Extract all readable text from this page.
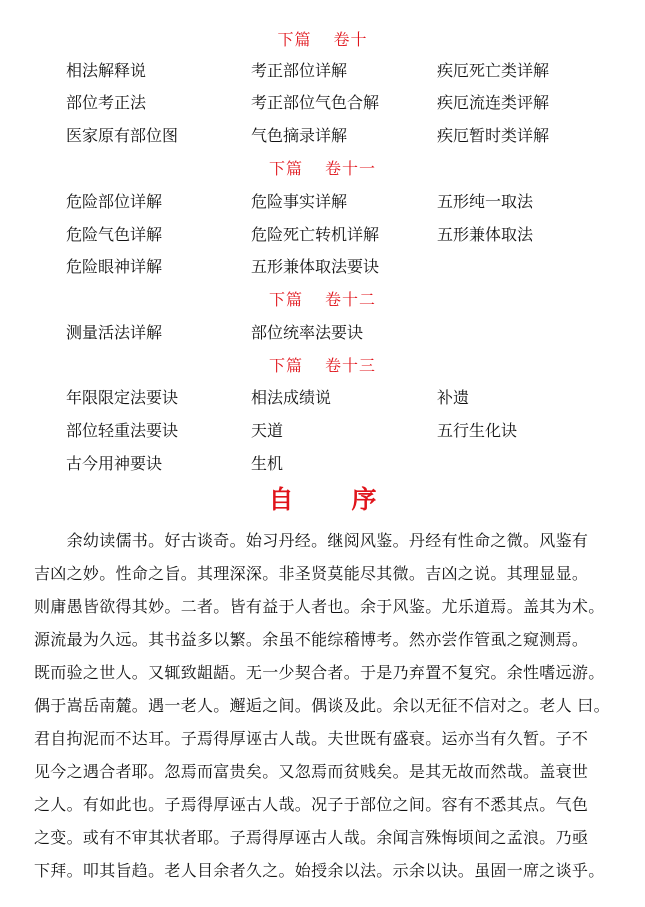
下篇 卷十
相法解释说	考正部位详解	疾厄死亡类详解
部位考正法	考正部位气色合解	疾厄流连类评解
医家原有部位图	气色摘录详解	疾厄暂时类详解
下篇 卷十一
危险部位详解	危险事实详解	五形纯一取法
危险气色详解	危险死亡转机详解	五形兼体取法
危险眼神详解	五形兼体取法要诀
下篇 卷十二
测量活法详解	部位统率法要诀
下篇 卷十三
年限限定法要诀	相法成绩说	补遗
部位轻重法要诀	天道	五行生化诀
古今用神要诀	生机
自 序
　　余幼读儒书。好古谈奇。始习丹经。继阅风鉴。丹经有性命之微。风鉴有
吉凶之妙。性命之旨。其理深深。非圣贤莫能尽其微。吉凶之说。其理显显。
则庸愚皆欲得其妙。二者。皆有益于人者也。余于风鉴。尤乐道焉。盖其为术。
源流最为久远。其书益多以繁。余虽不能综稽博考。然亦尝作管虱之窥测焉。
既而验之世人。又辄致龃龉。无一少契合者。于是乃弃置不复究。余性嗜远游。
偶于嵩岳南麓。遇一老人。邂逅之间。偶谈及此。余以无征不信对之。老人 曰。
君自拘泥而不达耳。子焉得厚诬古人哉。夫世既有盛衰。运亦当有久暂。子不
见今之遇合者耶。忽焉而富贵矣。又忽焉而贫贱矣。是其无故而然哉。盖衰世
之人。有如此也。子焉得厚诬古人哉。况子于部位之间。容有不悉其点。气色
之变。或有不审其状者耶。子焉得厚诬古人哉。余闻言殊悔顷间之孟浪。乃亟
下拜。叩其旨趋。老人目余者久之。始授余以法。示余以诀。虽固一席之谈乎。
